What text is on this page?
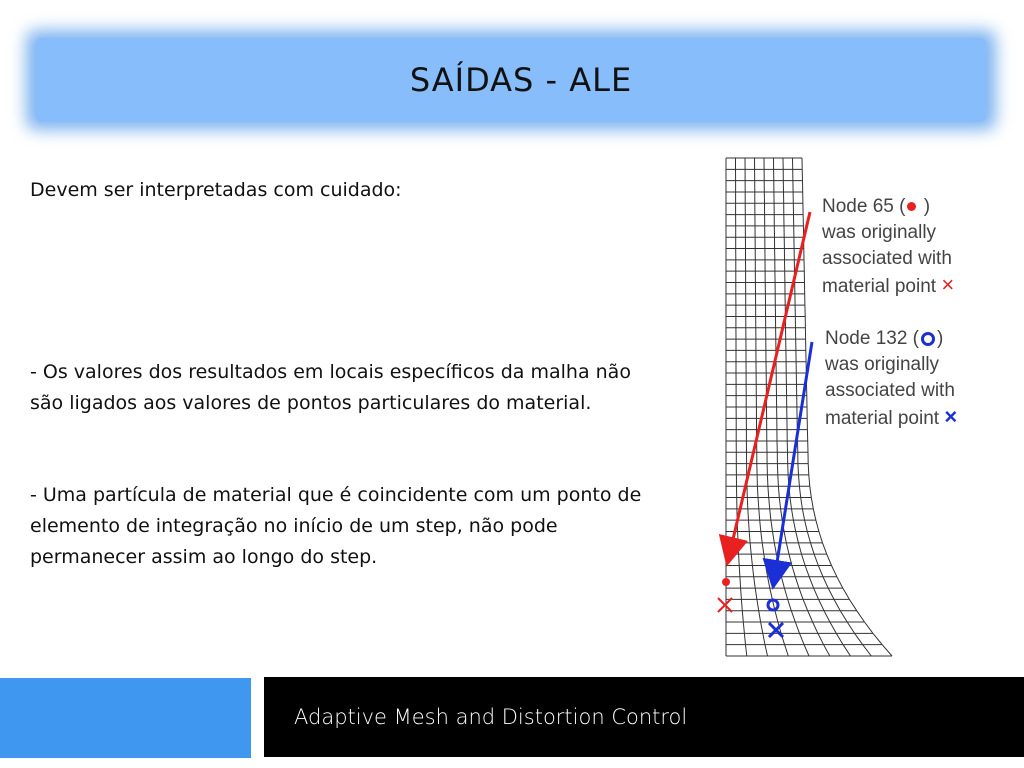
SAÍDAS - ALE
Devem ser interpretadas com cuidado:
- Os valores dos resultados em locais específicos da malha não são ligados aos valores de pontos particulares do material.
- Uma partícula de material que é coincidente com um ponto de elemento de integração no início de um step, não pode permanecer assim ao longo do step.
Node 65 ( )
was originally
associated with
material point ×
Node 132 ( )
was originally
associated with
material point ×
Adaptive Mesh and Distortion Control
